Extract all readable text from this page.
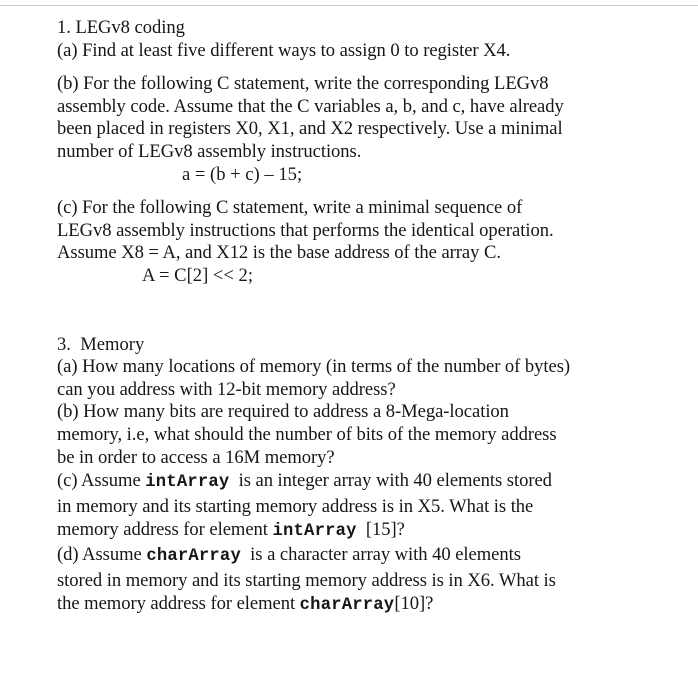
1. LEGv8 coding
(a) Find at least five different ways to assign 0 to register X4.
(b) For the following C statement, write the corresponding LEGv8
assembly code. Assume that the C variables a, b, and c, have already
been placed in registers X0, X1, and X2 respectively. Use a minimal
number of LEGv8 assembly instructions.
a = (b + c) – 15;
(c) For the following C statement, write a minimal sequence of
LEGv8 assembly instructions that performs the identical operation.
Assume X8 = A, and X12 is the base address of the array C.
A = C[2] << 2;
3.  Memory
(a) How many locations of memory (in terms of the number of bytes)
can you address with 12-bit memory address?
(b) How many bits are required to address a 8-Mega-location
memory, i.e, what should the number of bits of the memory address
be in order to access a 16M memory?
(c) Assume intArray  is an integer array with 40 elements stored
in memory and its starting memory address is in X5. What is the
memory address for element intArray  [15]?
(d) Assume charArray  is a character array with 40 elements
stored in memory and its starting memory address is in X6. What is
the memory address for element charArray[10]?
